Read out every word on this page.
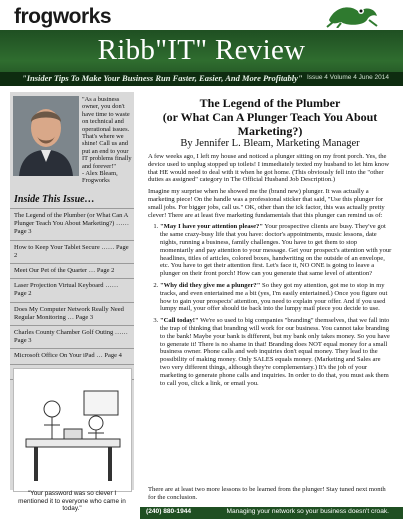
frogworks
Ribb"IT" Review
"Insider Tips To Make Your Business Run Faster, Easier, And More Profitably" Issue 4 Volume 4 June 2014
"As a business owner, you don't have time to waste on technical and operational issues. That's where we shine! Call us and put an end to your IT problems finally and forever!"
- Alex Bleam,
Frogworks
Inside This Issue…
The Legend of the Plumber (or What Can A Plunger Teach You About Marketing?) …… Page 3
How to Keep Your Tablet Secure …… Page 2
Meet Our Pet of the Quarter … Page 2
Laser Projection Virtual Keyboard …… Page 2
Does My Computer Network Really Need Regular Monitoring … Page 3
Charles County Chamber Golf Outing …… Page 3
Microsoft Office On Your iPad … Page 4
"Your password was so clever I mentioned it to everyone who came in today."
The Legend of the Plumber
(or What Can A Plunger Teach You About Marketing?)
By Jennifer L. Bleam, Marketing Manager

A few weeks ago, I left my house and noticed a plunger sitting on my front porch. Yes, the device used to unplug stopped up toilets! I immediately texted my husband to let him know that HE would need to deal with it when he got home. (This obviously fell into the "other duties as assigned" category in The Official Husband Job Description.)

Imagine my surprise when he showed me the (brand new) plunger. It was actually a marketing piece! On the handle was a professional sticker that said, "Use this plunger for small jobs. For bigger jobs, call us." OK, other than the ick factor, this was actually pretty clever! There are at least five marketing fundamentals that this plunger can remind us of:

1. "May I have your attention please?" Your prospective clients are busy. They've got the same crazy-busy life that you have: doctor's appointments, music lessons, date nights, running a business, family challenges. You have to get them to stop momentarily and pay attention to your message. Get your prospect's attention with your headlines, titles of articles, colored boxes, handwriting on the outside of an envelope, etc. You have to get their attention first. Let's face it, NO ONE is going to leave a plunger on their front porch! How can you generate that same level of attention?
2. "Why did they give me a plunger?" So they got my attention, got me to stop in my tracks, and even entertained me a bit (yes, I'm easily entertained.) Once you figure out how to gain your prospects' attention, you need to explain your offer. And if you used lumpy mail, your offer should tie back into the lumpy mail piece you decide to use.
3. "Call today!" We're so used to big companies "branding" themselves, that we fall into the trap of thinking that branding will work for our business. You cannot take branding to the bank! Maybe your bank is different, but my bank only takes money. So you have to generate it! There is no shame in that! Branding does NOT equal money for a small business owner. Phone calls and web inquiries don't equal money. They lead to the possibility of making money. Only SALES equals money. (Marketing and Sales are two very different things, although they're complementary.) It's the job of your marketing to generate phone calls and inquiries. In order to do that, you must ask them to call you, click a link, or email you.
There are at least two more lessons to be learned from the plunger! Stay tuned next month for the conclusion.
(240) 880-1944	Managing your network so your business doesn't croak.
